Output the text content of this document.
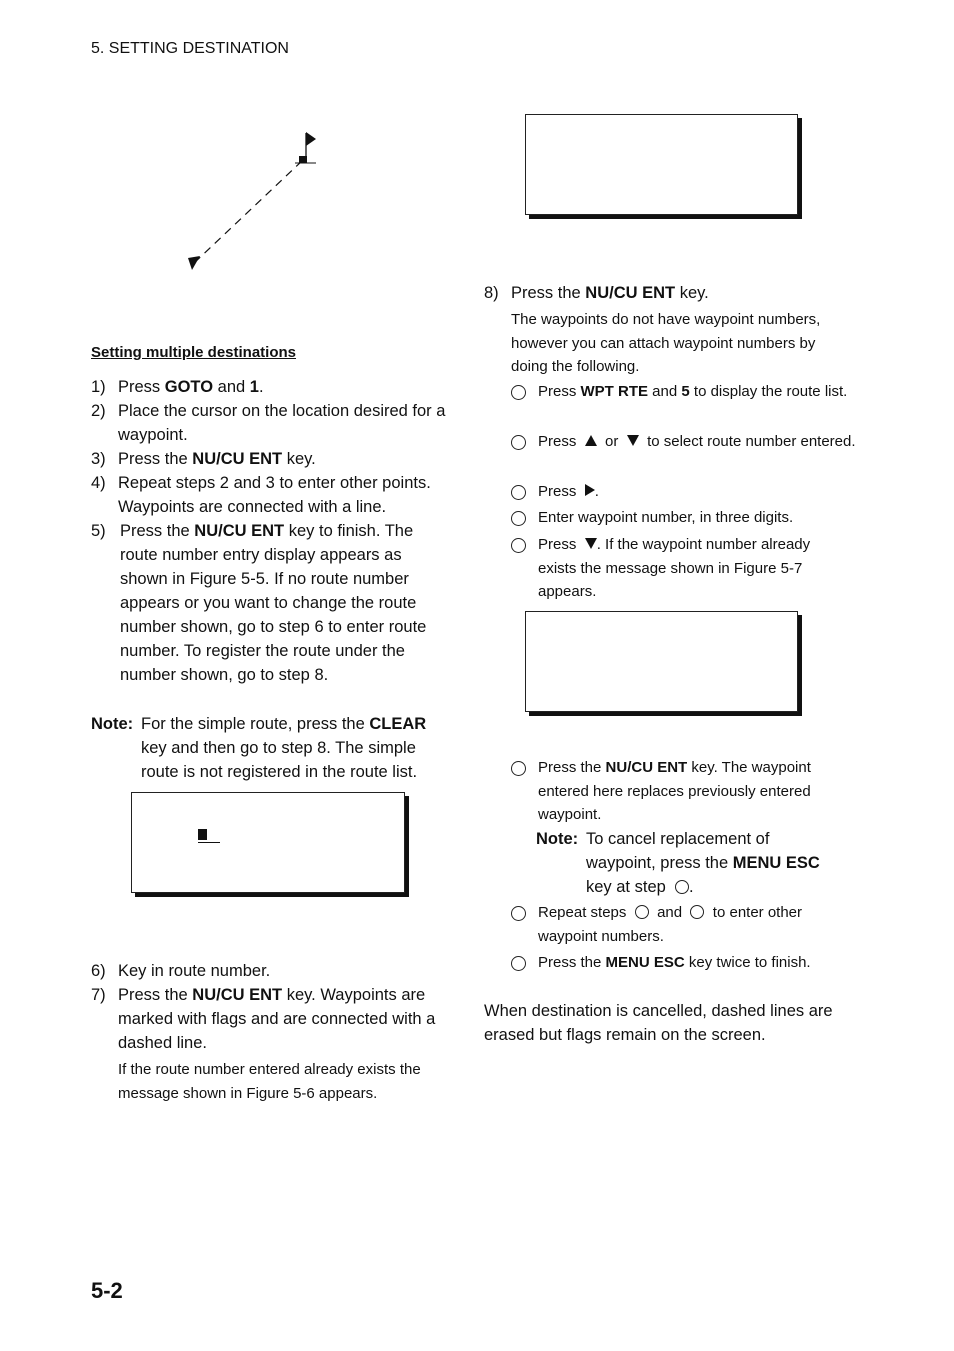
5. SETTING DESTINATION
Setting multiple destinations
1) Press GOTO and 1.
2) Place the cursor on the location desired for a waypoint.
3) Press the NU/CU ENT key.
4) Repeat steps 2 and 3 to enter other points. Waypoints are connected with a line.
5) Press the NU/CU ENT key to finish. The route number entry display appears as shown in Figure 5-5. If no route number appears or you want to change the route number shown, go to step 6 to enter route number. To register the route under the number shown, go to step 8.
Note: For the simple route, press the CLEAR key and then go to step 8. The simple route is not registered in the route list.
6) Key in route number.
7) Press the NU/CU ENT key. Waypoints are marked with flags and are connected with a dashed line.
If the route number entered already exists the message shown in Figure 5-6 appears.
8) Press the NU/CU ENT key.
The waypoints do not have waypoint numbers, however you can attach waypoint numbers by doing the following.
Press WPT RTE and 5 to display the route list.
Press or to select route number entered.
Press .
Enter waypoint number, in three digits.
Press . If the waypoint number already exists the message shown in Figure 5-7 appears.
Press the NU/CU ENT key. The waypoint entered here replaces previously entered waypoint.
Note: To cancel replacement of
waypoint, press the MENU ESC
key at step .
Repeat steps and to enter other waypoint numbers.
Press the MENU ESC key twice to finish.
When destination is cancelled, dashed lines are erased but flags remain on the screen.
5-2
